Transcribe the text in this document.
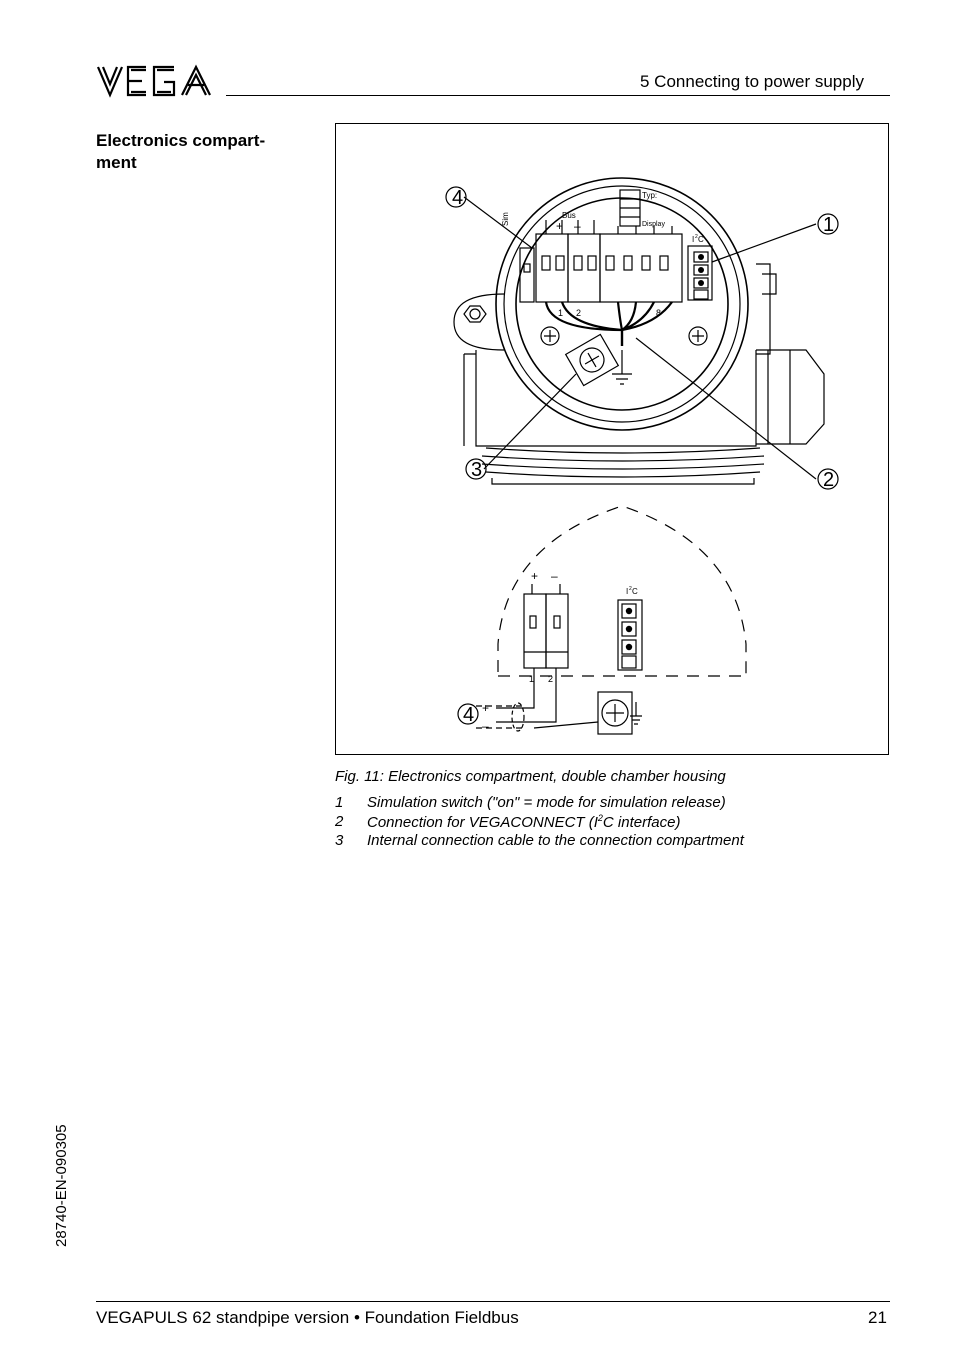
5 Connecting to power supply
Electronics compart-
ment
4
1
3	2
4
Sim	Bus
+ –
Typ:
Display
I 2 C
1 2	8
+ –
I 2 C
1 2
+
–
Fig. 11: Electronics compartment, double chamber housing
1 Simulation switch ("on" = mode for simulation release)
2 Connection for VEGACONNECT ($I^2C$ interface)
3 Internal connection cable to the connection compartment
28740-EN-090305
VEGAPULS 62 standpipe version • Foundation Fieldbus	21
